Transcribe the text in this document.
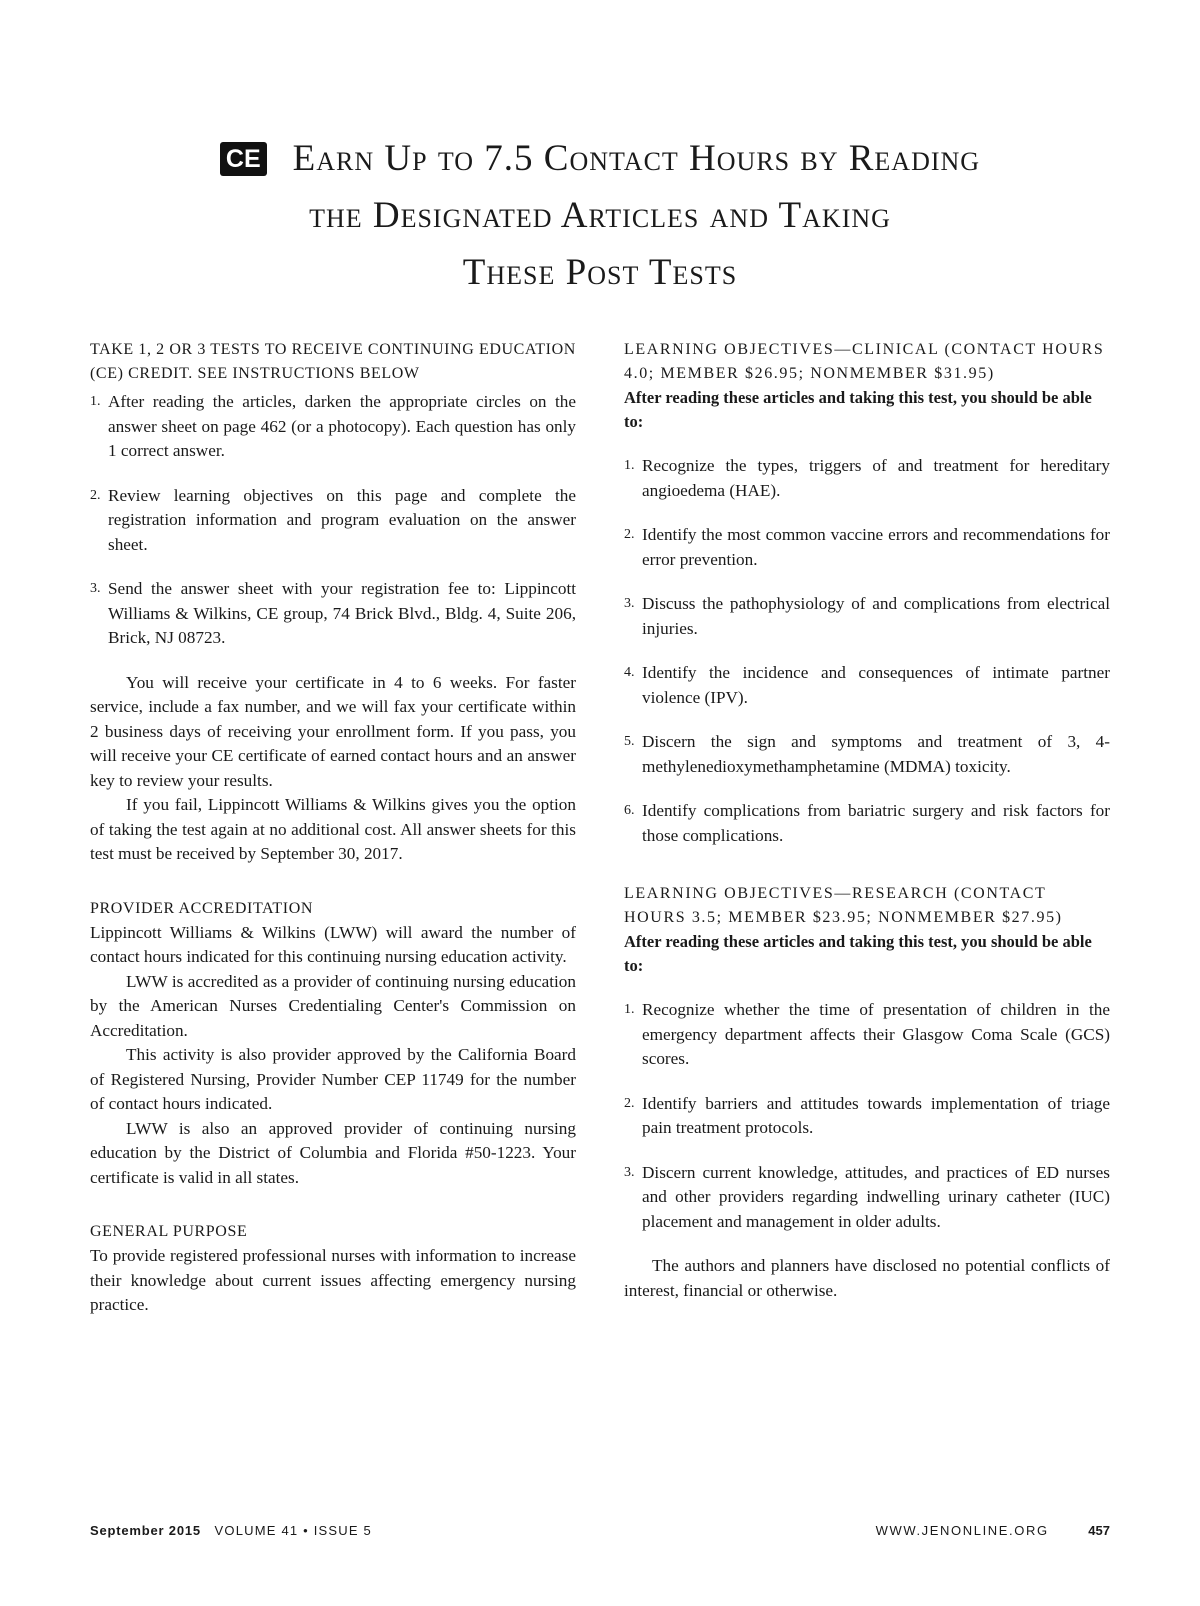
CE Earn Up to 7.5 Contact Hours by Reading
the Designated Articles and Taking
These Post Tests
TAKE 1, 2 OR 3 TESTS TO RECEIVE CONTINUING EDUCATION (CE) CREDIT. SEE INSTRUCTIONS BELOW
1. After reading the articles, darken the appropriate circles on the answer sheet on page 462 (or a photocopy). Each question has only 1 correct answer.
2. Review learning objectives on this page and complete the registration information and program evaluation on the answer sheet.
3. Send the answer sheet with your registration fee to: Lippincott Williams & Wilkins, CE group, 74 Brick Blvd., Bldg. 4, Suite 206, Brick, NJ 08723.

You will receive your certificate in 4 to 6 weeks. For faster service, include a fax number, and we will fax your certificate within 2 business days of receiving your enrollment form. If you pass, you will receive your CE certificate of earned contact hours and an answer key to review your results.

If you fail, Lippincott Williams & Wilkins gives you the option of taking the test again at no additional cost. All answer sheets for this test must be received by September 30, 2017.

PROVIDER ACCREDITATION

Lippincott Williams & Wilkins (LWW) will award the number of contact hours indicated for this continuing nursing education activity.

LWW is accredited as a provider of continuing nursing education by the American Nurses Credentialing Center's Commission on Accreditation.

This activity is also provider approved by the California Board of Registered Nursing, Provider Number CEP 11749 for the number of contact hours indicated.

LWW is also an approved provider of continuing nursing education by the District of Columbia and Florida #50-1223. Your certificate is valid in all states.

GENERAL PURPOSE

To provide registered professional nurses with information to increase their knowledge about current issues affecting emergency nursing practice.

LEARNING OBJECTIVES—CLINICAL (CONTACT HOURS 4.0; MEMBER $26.95; NONMEMBER $31.95)
After reading these articles and taking this test, you should be able to:
1. Recognize the types, triggers of and treatment for hereditary angioedema (HAE).
2. Identify the most common vaccine errors and recommendations for error prevention.
3. Discuss the pathophysiology of and complications from electrical injuries.
4. Identify the incidence and consequences of intimate partner violence (IPV).
5. Discern the sign and symptoms and treatment of 3, 4-methylenedioxymethamphetamine (MDMA) toxicity.
6. Identify complications from bariatric surgery and risk factors for those complications.
LEARNING OBJECTIVES—RESEARCH (CONTACT HOURS 3.5; MEMBER $23.95; NONMEMBER $27.95)
After reading these articles and taking this test, you should be able to:
1. Recognize whether the time of presentation of children in the emergency department affects their Glasgow Coma Scale (GCS) scores.
2. Identify barriers and attitudes towards implementation of triage pain treatment protocols.
3. Discern current knowledge, attitudes, and practices of ED nurses and other providers regarding indwelling urinary catheter (IUC) placement and management in older adults.

The authors and planners have disclosed no potential conflicts of interest, financial or otherwise.

September 2015 VOLUME 41 • ISSUE 5	WWW.JENONLINE.ORG	457
